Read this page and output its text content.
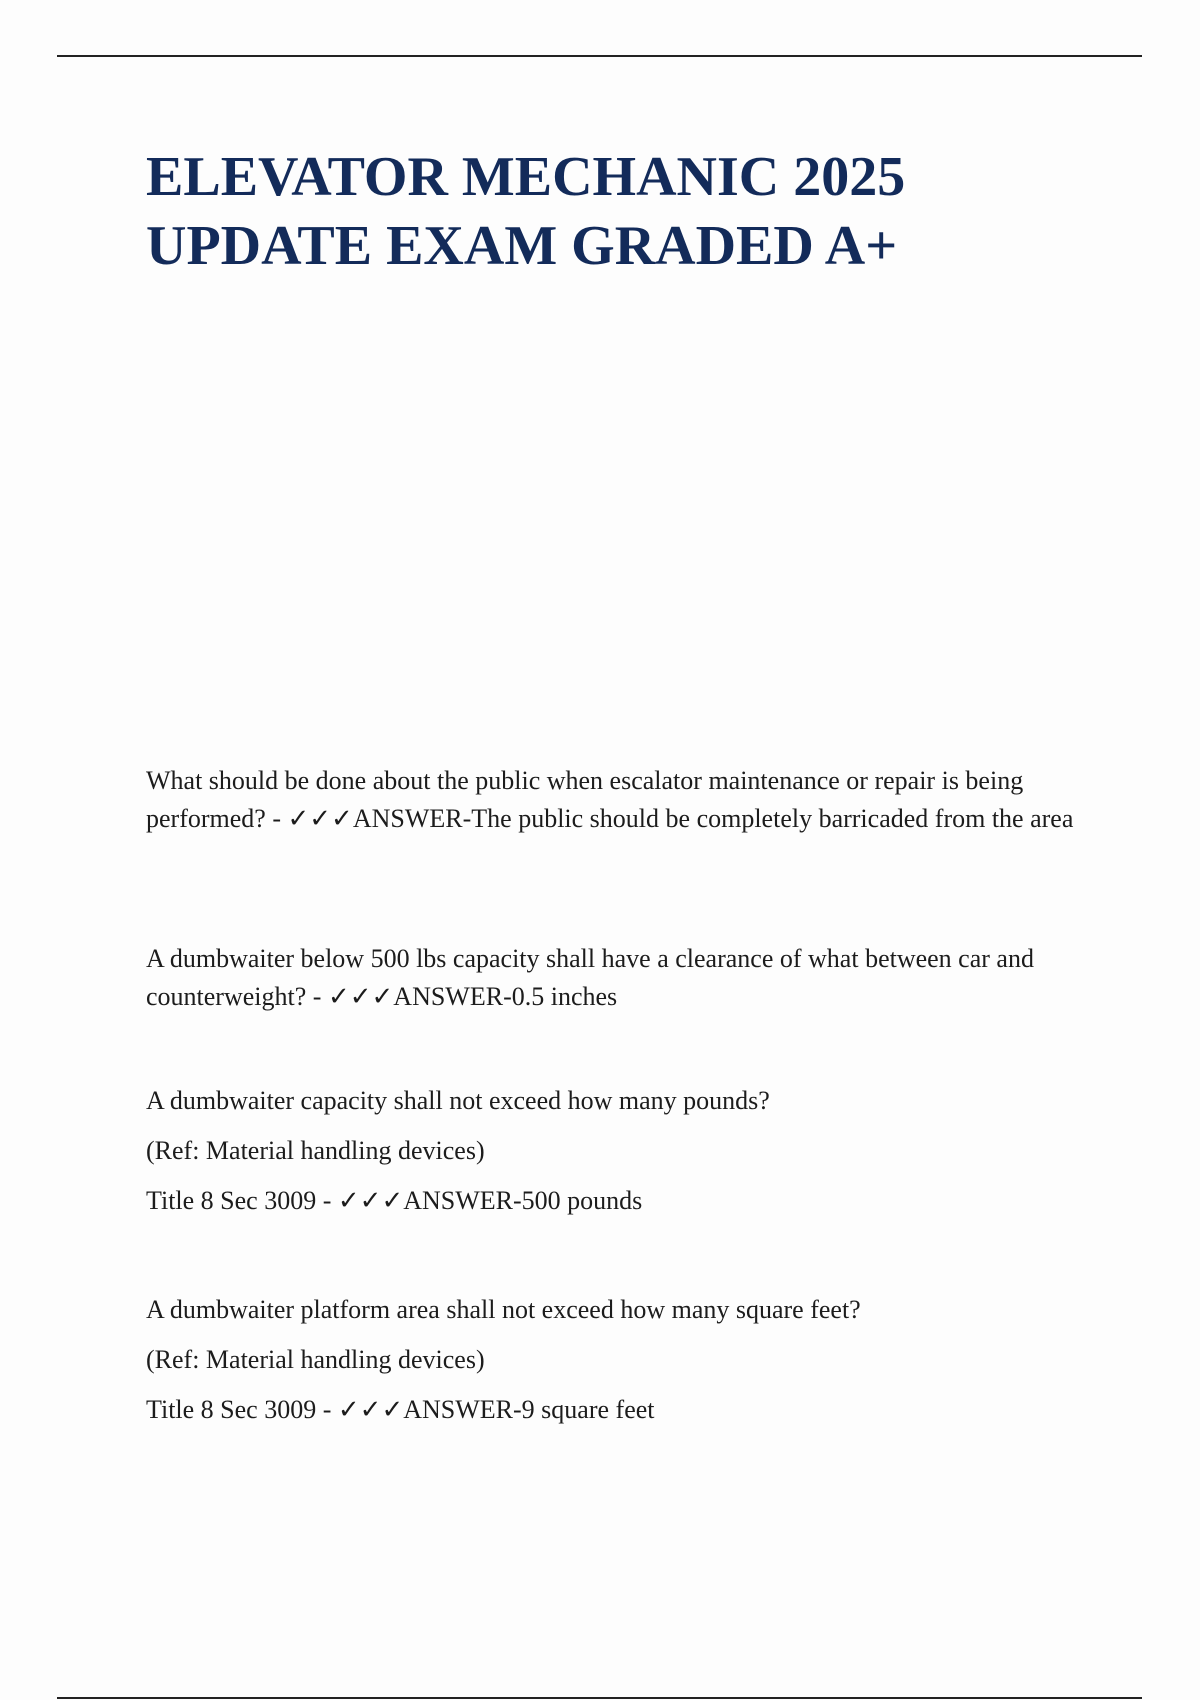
ELEVATOR MECHANIC 2025
UPDATE EXAM GRADED A+

What should be done about the public when escalator maintenance or repair is being performed? - ✓✓✓ANSWER-The public should be completely barricaded from the area

A dumbwaiter below 500 lbs capacity shall have a clearance of what between car and counterweight? - ✓✓✓ANSWER-0.5 inches

A dumbwaiter capacity shall not exceed how many pounds?

(Ref: Material handling devices)

Title 8 Sec 3009 - ✓✓✓ANSWER-500 pounds

A dumbwaiter platform area shall not exceed how many square feet?

(Ref: Material handling devices)

Title 8 Sec 3009 - ✓✓✓ANSWER-9 square feet
